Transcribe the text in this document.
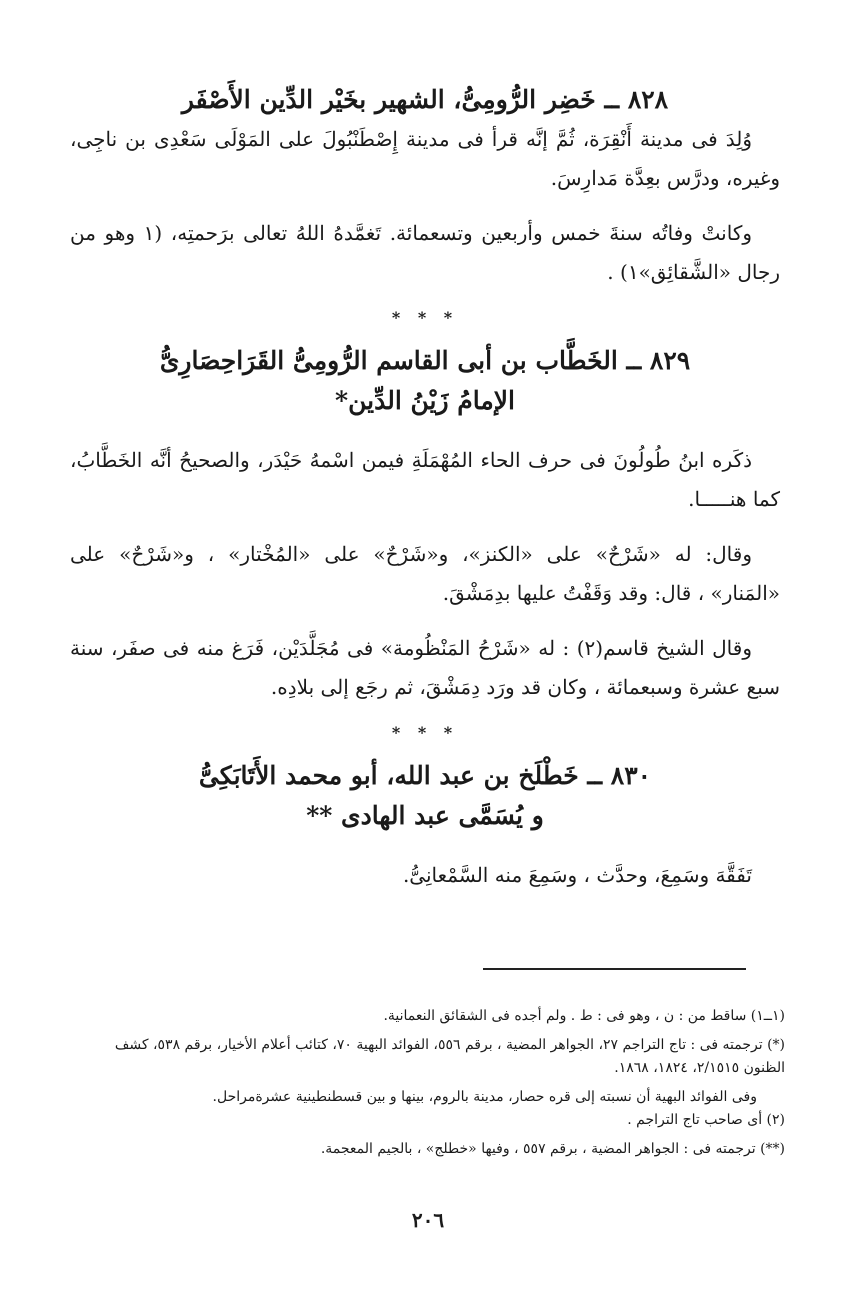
٨٢٨ ــ خَضِر الرُّومِىُّ، الشهير بخَيْر الدِّين الأَصْفَر

وُلِدَ فى مدينة أَنْقِرَة، ثُمَّ إنَّه قرأ فى مدينة إِصْطَنْبُولَ على المَوْلَى سَعْدِى بن ناجِى، وغيره، ودرَّس بعِدَّة مَدارِسَ.

وكانتْ وفاتُه سنةَ خمس وأربعين وتسعمائة. تَغمَّدهُ اللهُ تعالى برَحمتِه، (١ وهو من رجال «الشَّقائِق»١) .

* * *
٨٢٩ ــ الخَطَّاب بن أبى القاسم الرُّومِىُّ القَرَاحِصَارِىُّ
الإمامُ زَيْنُ الدِّين*

ذكَره ابنُ طُولُونَ فى حرف الحاء المُهْمَلَةِ فيمن اسْمهُ حَيْدَر، والصحيحُ أنَّه الخَطَّابُ، كما هنـــــا.

وقال: له «شَرْحٌ» على «الكنز»، و«شَرْحٌ» على «المُخْتار» ، و«شَرْحٌ» على «المَنار» ، قال: وقد وَقَفْتُ عليها بدِمَشْقَ.

وقال الشيخ قاسم(٢) : له «شَرْحُ المَنْظُومة» فى مُجَلَّدَيْن، فَرَغ منه فى صفَر، سنة سبع عشرة وسبعمائة ، وكان قد ورَد دِمَشْقَ، ثم رجَع إلى بلادِه.

* * *
٨٣٠ ــ خَطْلَخ بن عبد الله، أبو محمد الأَتَابَكِىُّ
و يُسَمَّى عبد الهادى **

تَفَقَّهَ وسَمِعَ، وحدَّث ، وسَمِعَ منه السَّمْعانِىُّ.

(١ــ١) ساقط من : ن ، وهو فى : ط . ولم أجده فى الشقائق النعمانية.

(*) ترجمته فى : تاج التراجم ٢٧، الجواهر المضية ، برقم ٥٥٦، الفوائد البهية ٧٠، كتائب أعلام الأخيار، برقم ٥٣٨، كشف الظنون ٢/١٥١٥، ١٨٢٤، ١٨٦٨.

وفى الفوائد البهية أن نسبته إلى قره حصار، مدينة بالروم، بينها و بين قسطنطينية عشرةمراحل.

(٢) أى صاحب تاج التراجم .

(**) ترجمته فى : الجواهر المضية ، برقم ٥٥٧ ، وفيها «خطلج» ، بالجيم المعجمة.

٢٠٦
